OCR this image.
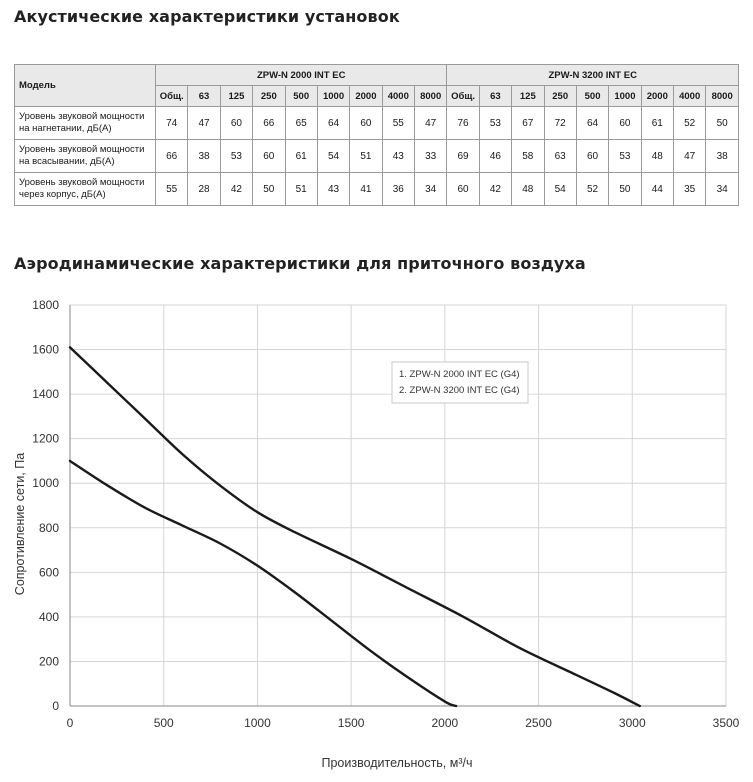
Акустические характеристики установок
Модель	ZPW-N 2000 INT EC									ZPW-N 3200 INT EC								
	Общ.	63	125	250	500	1000	2000	4000	8000	Общ.	63	125	250	500	1000	2000	4000	8000

Уровень звуковой мощности
на нагнетании, дБ(А)	74	47	60	66	65	64	60	55	47	76	53	67	72	64	60	61	52	50

Уровень звуковой мощности
на всасывании, дБ(А)	66	38	53	60	61	54	51	43	33	69	46	58	63	60	53	48	47	38

Уровень звуковой мощности
через корпус, дБ(А)	55	28	42	50	51	43	41	36	34	60	42	48	54	52	50	44	35	34
Аэродинамические характеристики для приточного воздуха
0	500	1000	1500	2000	2500	3000	3500
0
200
400
600
800
1000
1200
1400
1600
1800
1. ZPW-N 2000 INT EC (G4)
2. ZPW-N 3200 INT EC (G4)
Сопротивление сети, Па
Производительность, м³/ч
